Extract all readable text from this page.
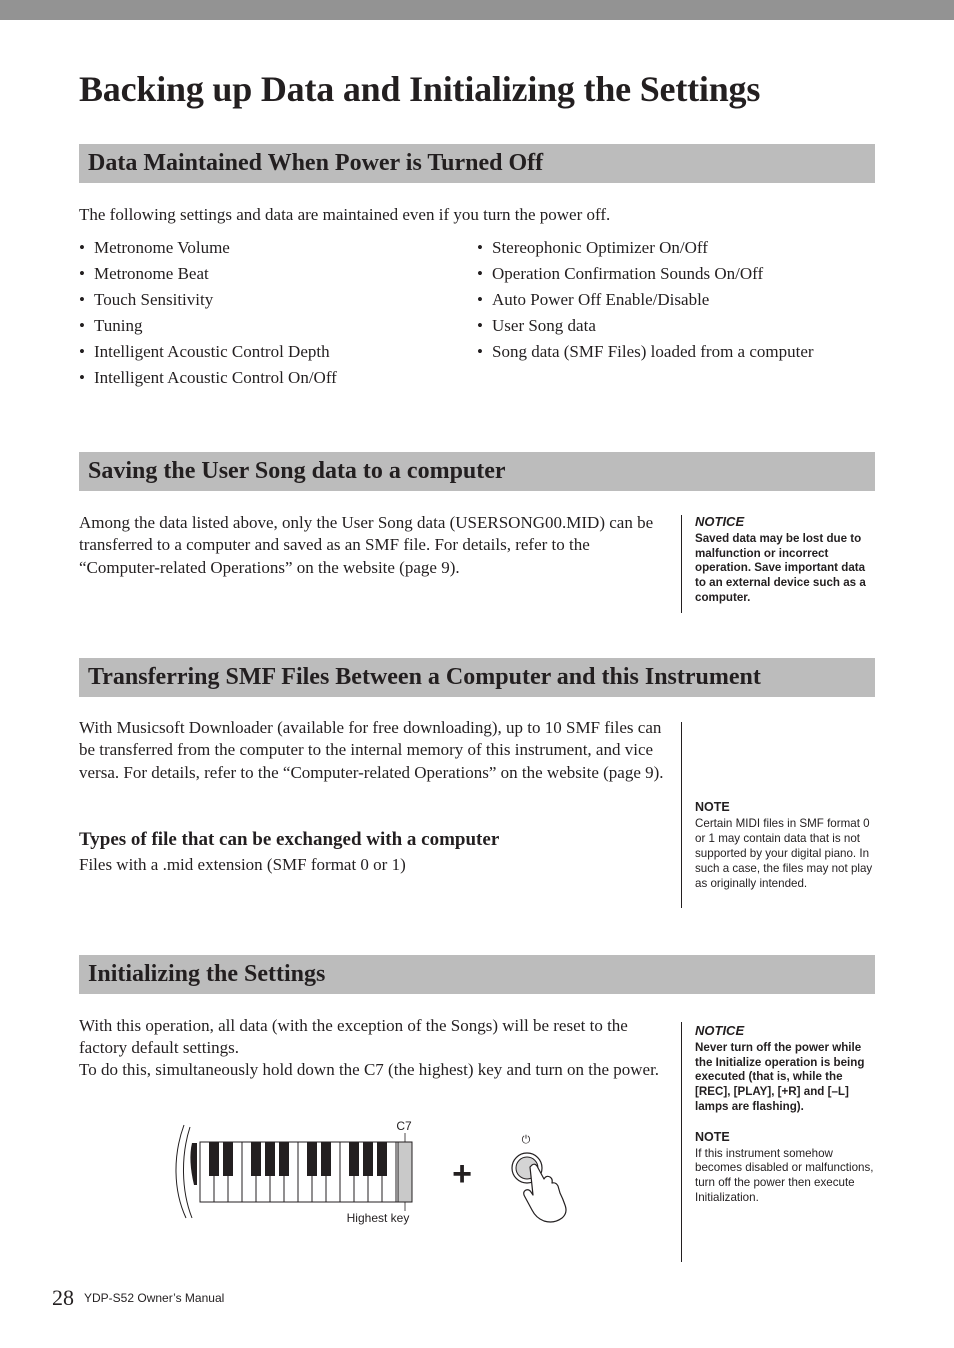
Backing up Data and Initializing the Settings
Data Maintained When Power is Turned Off

The following settings and data are maintained even if you turn the power off.

• Metronome Volume
• Metronome Beat
• Touch Sensitivity
• Tuning
• Intelligent Acoustic Control Depth
• Intelligent Acoustic Control On/Off
• Stereophonic Optimizer On/Off
• Operation Confirmation Sounds On/Off
• Auto Power Off Enable/Disable
• User Song data
• Song data (SMF Files) loaded from a computer
Saving the User Song data to a computer

Among the data listed above, only the User Song data (USERSONG00.MID) can be transferred to a computer and saved as an SMF file. For details, refer to the “Computer-related Operations” on the website (page 9).

NOTICE
Saved data may be lost due to malfunction or incorrect operation. Save important data to an external device such as a computer.
Transferring SMF Files Between a Computer and this Instrument

With Musicsoft Downloader (available for free downloading), up to 10 SMF files can be transferred from the computer to the internal memory of this instrument, and vice versa. For details, refer to the “Computer-related Operations” on the website (page 9).

Types of file that can be exchanged with a computer

Files with a .mid extension (SMF format 0 or 1)

NOTE
Certain MIDI files in SMF format 0 or 1 may contain data that is not supported by your digital piano. In such a case, the files may not play as originally intended.
Initializing the Settings

With this operation, all data (with the exception of the Songs) will be reset to the factory default settings.

To do this, simultaneously hold down the C7 (the highest) key and turn on the power.

NOTICE
Never turn off the power while the Initialize operation is being executed (that is, while the [REC], [PLAY], [+R] and [–L] lamps are flashing).
NOTE
If this instrument somehow becomes disabled or malfunctions, turn off the power then execute Initialization.
C7
Highest key
+
⏻
28 YDP-S52 Owner’s Manual
